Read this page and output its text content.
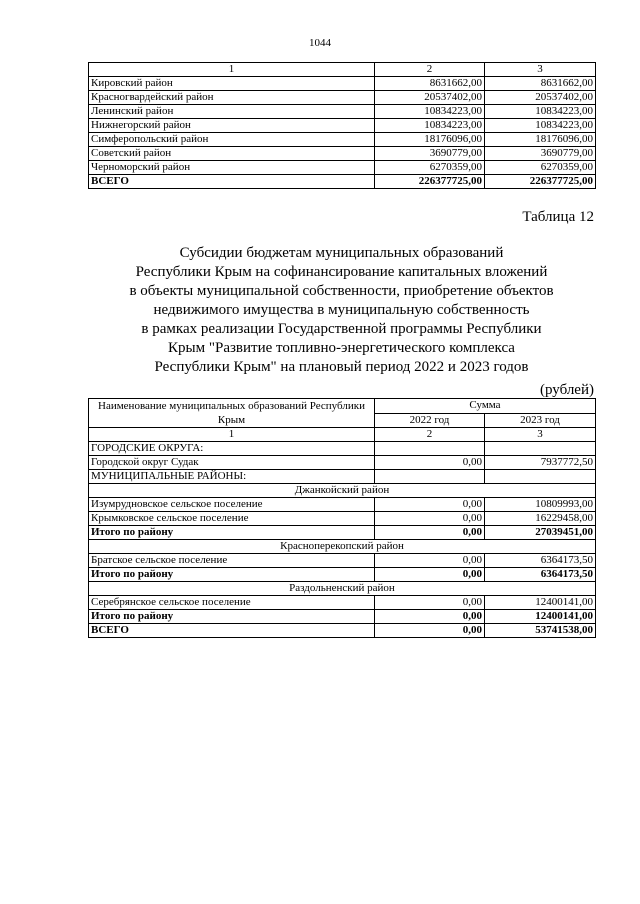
1044
1	2	3
Кировский район	8631662,00	8631662,00
Красногвардейский район	20537402,00	20537402,00
Ленинский район	10834223,00	10834223,00
Нижнегорский район	10834223,00	10834223,00
Симферопольский район	18176096,00	18176096,00
Советский район	3690779,00	3690779,00
Черноморский район	6270359,00	6270359,00
ВСЕГО	226377725,00	226377725,00
Таблица 12
Субсидии бюджетам муниципальных образований
Республики Крым на софинансирование капитальных вложений
в объекты муниципальной собственности, приобретение объектов
недвижимого имущества в муниципальную собственность
в рамках реализации Государственной программы Республики
Крым "Развитие топливно-энергетического комплекса
Республики Крым" на плановый период 2022 и 2023 годов
(рублей)
Наименование муниципальных образований Республики Крым	Сумма	
	2022 год	2023 год
1	2	3
ГОРОДСКИЕ ОКРУГА:		
Городской округ Судак	0,00	7937772,50
МУНИЦИПАЛЬНЫЕ РАЙОНЫ:		
Джанкойский район		
Изумрудновское сельское поселение	0,00	10809993,00
Крымковское сельское поселение	0,00	16229458,00
Итого по району	0,00	27039451,00
Красноперекопский район		
Братское сельское поселение	0,00	6364173,50
Итого по району	0,00	6364173,50
Раздольненский район		
Серебрянское сельское поселение	0,00	12400141,00
Итого по району	0,00	12400141,00
ВСЕГО	0,00	53741538,00
